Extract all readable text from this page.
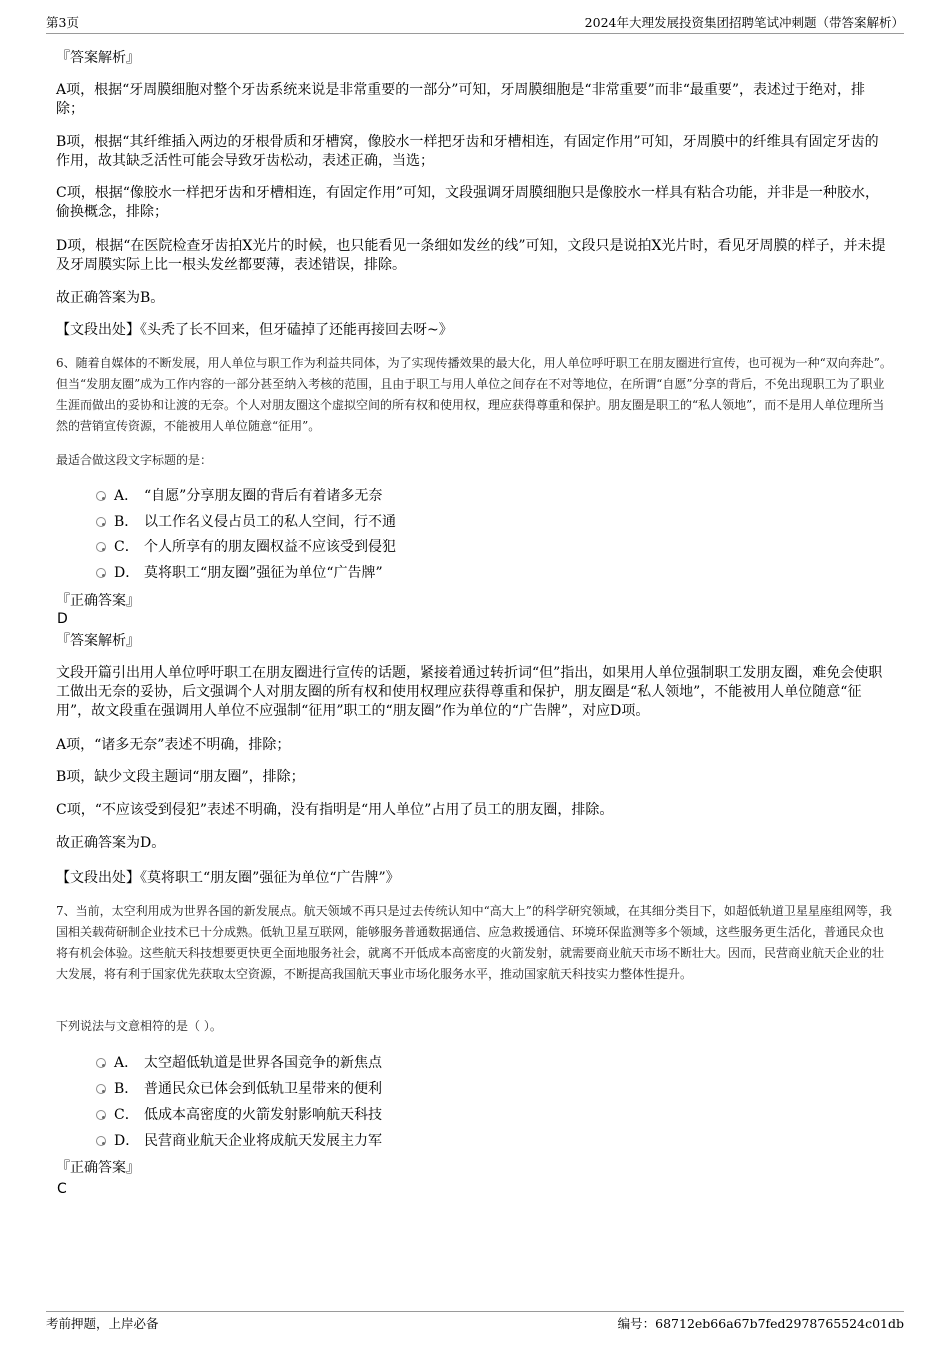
第3页	2024年大理发展投资集团招聘笔试冲刺题（带答案解析）
『答案解析』

A项，根据“牙周膜细胞对整个牙齿系统来说是非常重要的一部分”可知，牙周膜细胞是“非常重要”而非“最重要”，表述过于绝对，排除；

B项，根据“其纤维插入两边的牙根骨质和牙槽窝，像胶水一样把牙齿和牙槽相连，有固定作用”可知，牙周膜中的纤维具有固定牙齿的作用，故其缺乏活性可能会导致牙齿松动，表述正确，当选；

C项，根据“像胶水一样把牙齿和牙槽相连，有固定作用”可知，文段强调牙周膜细胞只是像胶水一样具有粘合功能，并非是一种胶水，偷换概念，排除；

D项，根据“在医院检查牙齿拍X光片的时候，也只能看见一条细如发丝的线”可知，文段只是说拍X光片时，看见牙周膜的样子，并未提及牙周膜实际上比一根头发丝都要薄，表述错误，排除。

故正确答案为B。

【文段出处】《头秃了长不回来，但牙磕掉了还能再接回去呀~》

6、随着自媒体的不断发展，用人单位与职工作为利益共同体，为了实现传播效果的最大化，用人单位呼吁职工在朋友圈进行宣传，也可视为一种“双向奔赴”。但当“发朋友圈”成为工作内容的一部分甚至纳入考核的范围，且由于职工与用人单位之间存在不对等地位，在所谓“自愿”分享的背后，不免出现职工为了职业生涯而做出的妥协和让渡的无奈。个人对朋友圈这个虚拟空间的所有权和使用权，理应获得尊重和保护。朋友圈是职工的“私人领地”，而不是用人单位理所当然的营销宣传资源，不能被用人单位随意“征用”。

最适合做这段文字标题的是：

A． “自愿”分享朋友圈的背后有着诸多无奈
B． 以工作名义侵占员工的私人空间，行不通
C． 个人所享有的朋友圈权益不应该受到侵犯
D． 莫将职工“朋友圈”强征为单位“广告牌”
『正确答案』
D
『答案解析』

文段开篇引出用人单位呼吁职工在朋友圈进行宣传的话题，紧接着通过转折词“但”指出，如果用人单位强制职工发朋友圈，难免会使职工做出无奈的妥协，后文强调个人对朋友圈的所有权和使用权理应获得尊重和保护，朋友圈是“私人领地”，不能被用人单位随意“征用”，故文段重在强调用人单位不应强制“征用”职工的“朋友圈”作为单位的“广告牌”，对应D项。

A项，“诸多无奈”表述不明确，排除；

B项，缺少文段主题词“朋友圈”，排除；

C项，“不应该受到侵犯”表述不明确，没有指明是“用人单位”占用了员工的朋友圈，排除。

故正确答案为D。

【文段出处】《莫将职工“朋友圈”强征为单位“广告牌”》

7、当前，太空利用成为世界各国的新发展点。航天领域不再只是过去传统认知中“高大上”的科学研究领域，在其细分类目下，如超低轨道卫星星座组网等，我国相关载荷研制企业技术已十分成熟。低轨卫星互联网，能够服务普通数据通信、应急救援通信、环境环保监测等多个领域，这些服务更生活化，普通民众也将有机会体验。这些航天科技想要更快更全面地服务社会，就离不开低成本高密度的火箭发射，就需要商业航天市场不断壮大。因而，民营商业航天企业的壮大发展，将有利于国家优先获取太空资源，不断提高我国航天事业市场化服务水平，推动国家航天科技实力整体性提升。

下列说法与文意相符的是（ ）。

A． 太空超低轨道是世界各国竞争的新焦点
B． 普通民众已体会到低轨卫星带来的便利
C． 低成本高密度的火箭发射影响航天科技
D． 民营商业航天企业将成航天发展主力军
『正确答案』
C
考前押题，上岸必备	编号：68712eb66a67b7fed2978765524c01db
